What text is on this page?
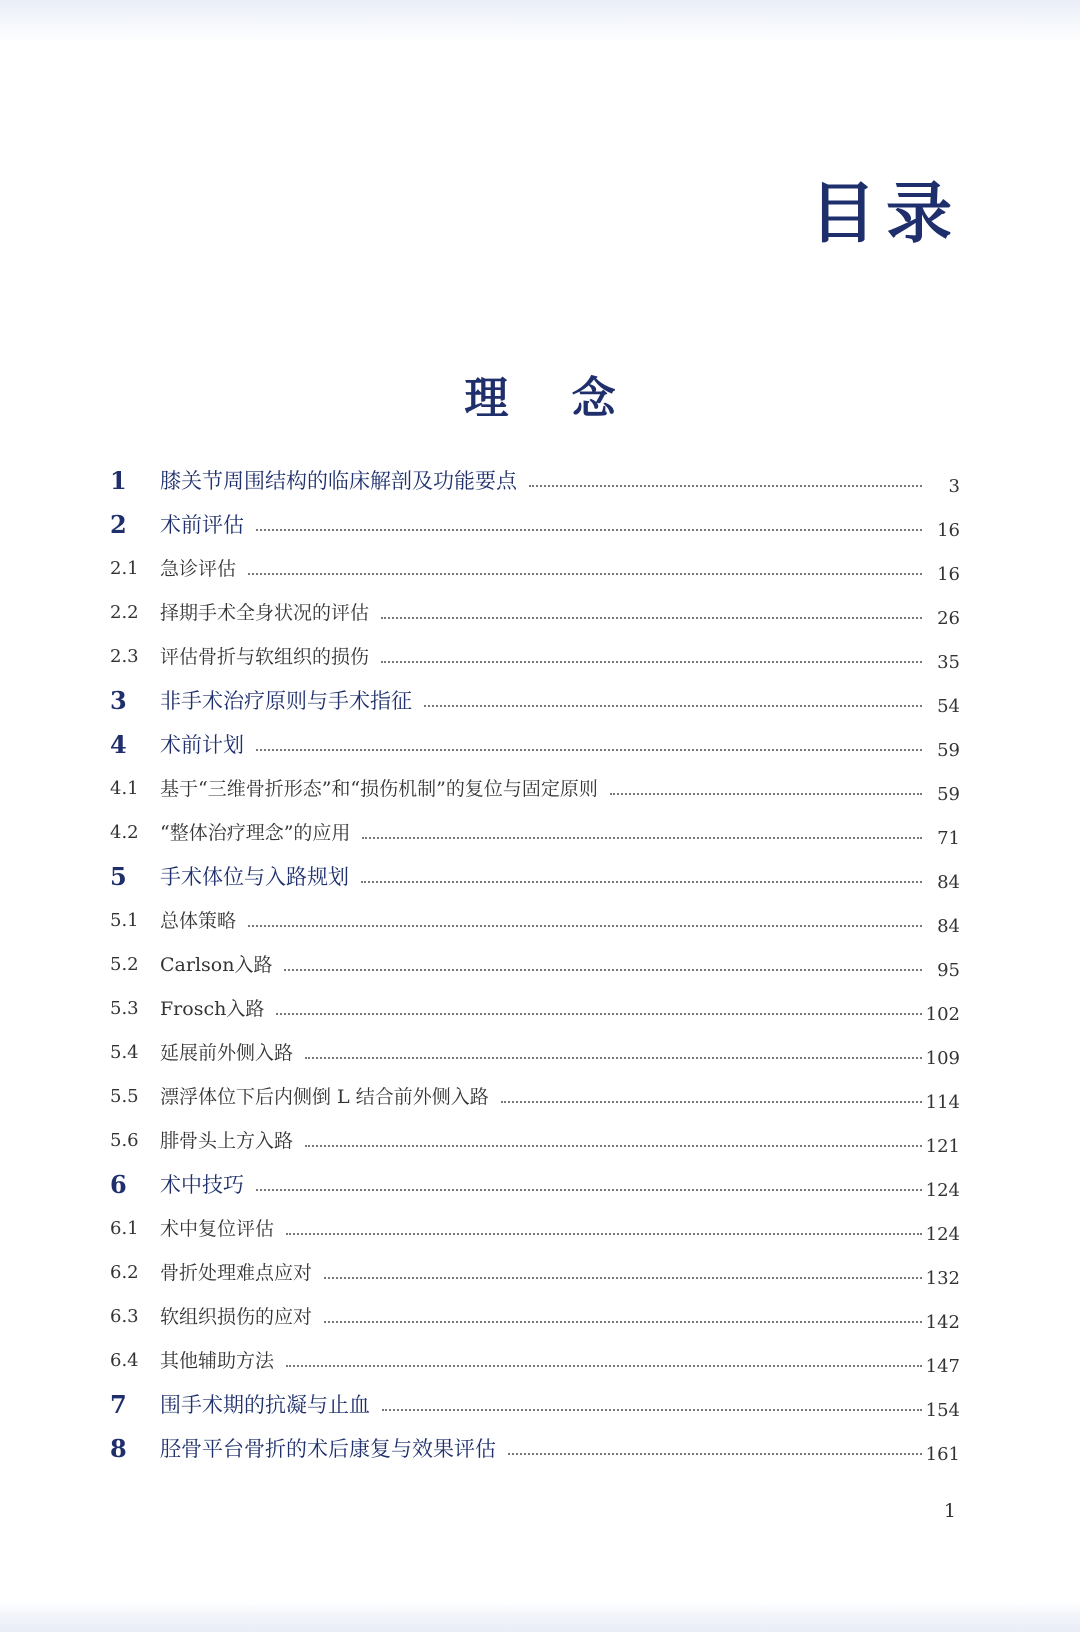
目录
理 念
1	膝关节周围结构的临床解剖及功能要点	3
2	术前评估	16
2.1	急诊评估	16
2.2	择期手术全身状况的评估	26
2.3	评估骨折与软组织的损伤	35
3	非手术治疗原则与手术指征	54
4	术前计划	59
4.1	基于“三维骨折形态”和“损伤机制”的复位与固定原则	59
4.2	“整体治疗理念”的应用	71
5	手术体位与入路规划	84
5.1	总体策略	84
5.2	Carlson入路	95
5.3	Frosch入路	102
5.4	延展前外侧入路	109
5.5	漂浮体位下后内侧倒 L 结合前外侧入路	114
5.6	腓骨头上方入路	121
6	术中技巧	124
6.1	术中复位评估	124
6.2	骨折处理难点应对	132
6.3	软组织损伤的应对	142
6.4	其他辅助方法	147
7	围手术期的抗凝与止血	154
8	胫骨平台骨折的术后康复与效果评估	161
1
